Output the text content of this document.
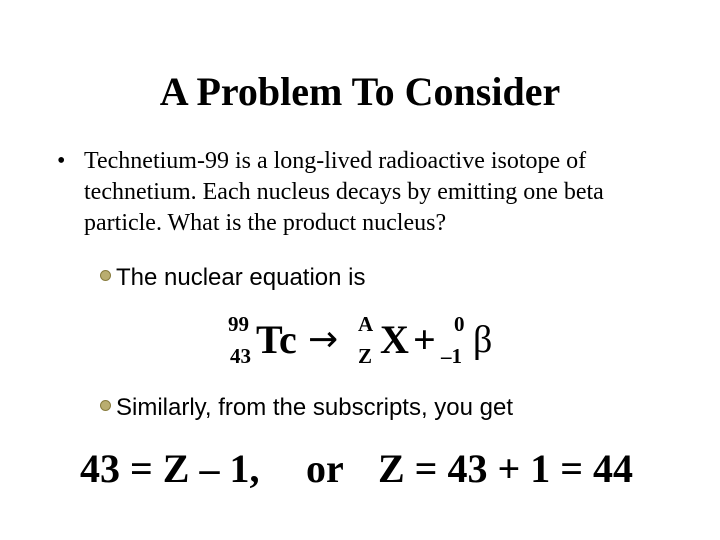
A Problem To Consider
• Technetium-99 is a long-lived radioactive isotope of technetium. Each nucleus decays by emitting one beta particle. What is the product nucleus?
The nuclear equation is
99
43 Tc → A
Z X + 0
–1 β
Similarly, from the subscripts, you get
43 = Z – 1, or Z = 43 + 1 = 44
